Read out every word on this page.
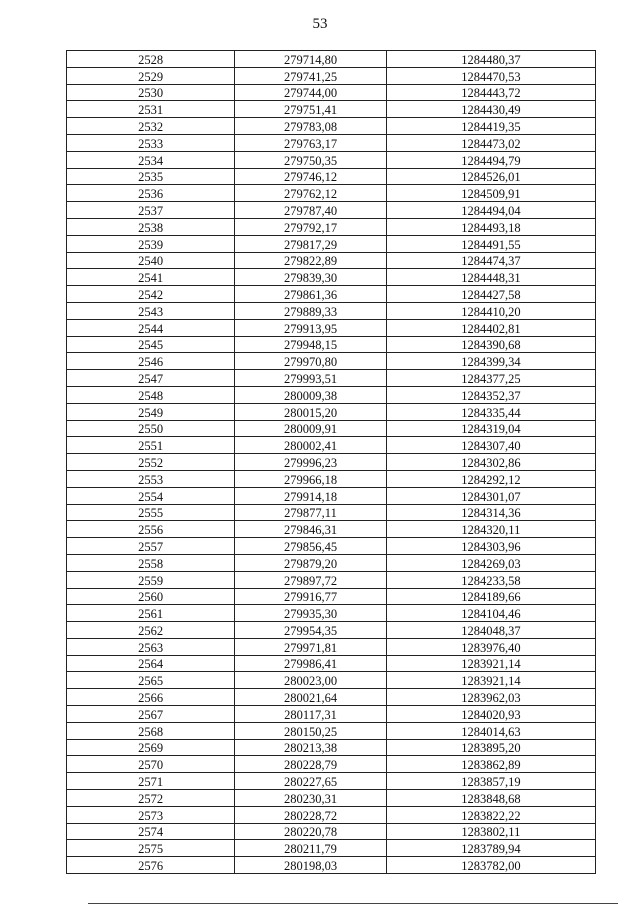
53
2528	279714,80	1284480,37
2529	279741,25	1284470,53
2530	279744,00	1284443,72
2531	279751,41	1284430,49
2532	279783,08	1284419,35
2533	279763,17	1284473,02
2534	279750,35	1284494,79
2535	279746,12	1284526,01
2536	279762,12	1284509,91
2537	279787,40	1284494,04
2538	279792,17	1284493,18
2539	279817,29	1284491,55
2540	279822,89	1284474,37
2541	279839,30	1284448,31
2542	279861,36	1284427,58
2543	279889,33	1284410,20
2544	279913,95	1284402,81
2545	279948,15	1284390,68
2546	279970,80	1284399,34
2547	279993,51	1284377,25
2548	280009,38	1284352,37
2549	280015,20	1284335,44
2550	280009,91	1284319,04
2551	280002,41	1284307,40
2552	279996,23	1284302,86
2553	279966,18	1284292,12
2554	279914,18	1284301,07
2555	279877,11	1284314,36
2556	279846,31	1284320,11
2557	279856,45	1284303,96
2558	279879,20	1284269,03
2559	279897,72	1284233,58
2560	279916,77	1284189,66
2561	279935,30	1284104,46
2562	279954,35	1284048,37
2563	279971,81	1283976,40
2564	279986,41	1283921,14
2565	280023,00	1283921,14
2566	280021,64	1283962,03
2567	280117,31	1284020,93
2568	280150,25	1284014,63
2569	280213,38	1283895,20
2570	280228,79	1283862,89
2571	280227,65	1283857,19
2572	280230,31	1283848,68
2573	280228,72	1283822,22
2574	280220,78	1283802,11
2575	280211,79	1283789,94
2576	280198,03	1283782,00
